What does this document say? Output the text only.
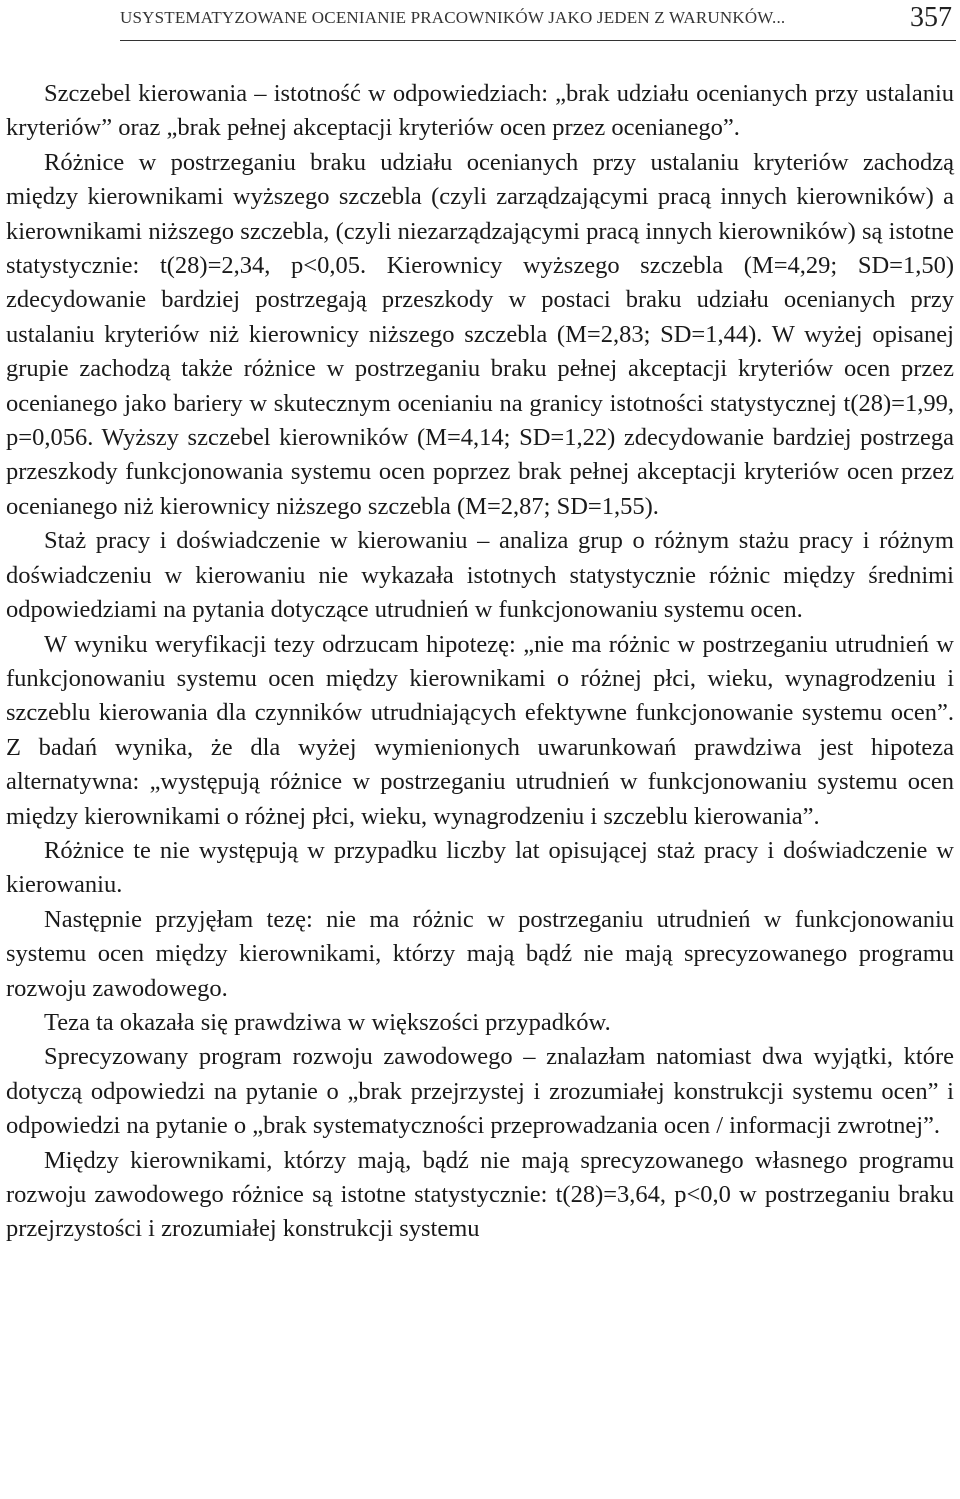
USYSTEMATYZOWANE OCENIANIE PRACOWNIKÓW JAKO JEDEN Z WARUNKÓW...	357

Szczebel kierowania – istotność w odpowiedziach: „brak udziału ocenianych przy ustalaniu kryteriów” oraz „brak pełnej akceptacji kryteriów ocen przez ocenianego”.

Różnice w postrzeganiu braku udziału ocenianych przy ustalaniu kryteriów zachodzą między kierownikami wyższego szczebla (czyli zarządzającymi pracą innych kierowników) a kierownikami niższego szczebla, (czyli niezarządzającymi pracą innych kierowników) są istotne statystycznie: t(28)=2,34, p<0,05. Kierownicy wyższego szczebla (M=4,29; SD=1,50) zdecydowanie bardziej postrzegają przeszkody w postaci braku udziału ocenianych przy ustalaniu kryteriów niż kierownicy niższego szczebla (M=2,83; SD=1,44). W wyżej opisanej grupie zachodzą także różnice w postrzeganiu braku pełnej akceptacji kryteriów ocen przez ocenianego jako bariery w skutecznym ocenianiu na granicy istotności statystycznej t(28)=1,99, p=0,056. Wyższy szczebel kierowników (M=4,14; SD=1,22) zdecydowanie bardziej postrzega przeszkody funkcjonowania systemu ocen poprzez brak pełnej akceptacji kryteriów ocen przez ocenianego niż kierownicy niższego szczebla (M=2,87; SD=1,55).

Staż pracy i doświadczenie w kierowaniu – analiza grup o różnym stażu pracy i różnym doświadczeniu w kierowaniu nie wykazała istotnych statystycznie różnic między średnimi odpowiedziami na pytania dotyczące utrudnień w funkcjonowaniu systemu ocen.

W wyniku weryfikacji tezy odrzucam hipotezę: „nie ma różnic w postrzeganiu utrudnień w funkcjonowaniu systemu ocen między kierownikami o różnej płci, wieku, wynagrodzeniu i szczeblu kierowania dla czynników utrudniających efektywne funkcjonowanie systemu ocen”. Z badań wynika, że dla wyżej wymienionych uwarunkowań prawdziwa jest hipoteza alternatywna: „występują różnice w postrzeganiu utrudnień w funkcjonowaniu systemu ocen między kierownikami o różnej płci, wieku, wynagrodzeniu i szczeblu kierowania”.

Różnice te nie występują w przypadku liczby lat opisującej staż pracy i doświadczenie w kierowaniu.

Następnie przyjęłam tezę: nie ma różnic w postrzeganiu utrudnień w funkcjonowaniu systemu ocen między kierownikami, którzy mają bądź nie mają sprecyzowanego programu rozwoju zawodowego.

Teza ta okazała się prawdziwa w większości przypadków.

Sprecyzowany program rozwoju zawodowego – znalazłam natomiast dwa wyjątki, które dotyczą odpowiedzi na pytanie o „brak przejrzystej i zrozumiałej konstrukcji systemu ocen” i odpowiedzi na pytanie o „brak systematyczności przeprowadzania ocen / informacji zwrotnej”.

Między kierownikami, którzy mają, bądź nie mają sprecyzowanego własnego programu rozwoju zawodowego różnice są istotne statystycznie: t(28)=3,64, p<0,0 w postrzeganiu braku przejrzystości i zrozumiałej konstrukcji systemu
